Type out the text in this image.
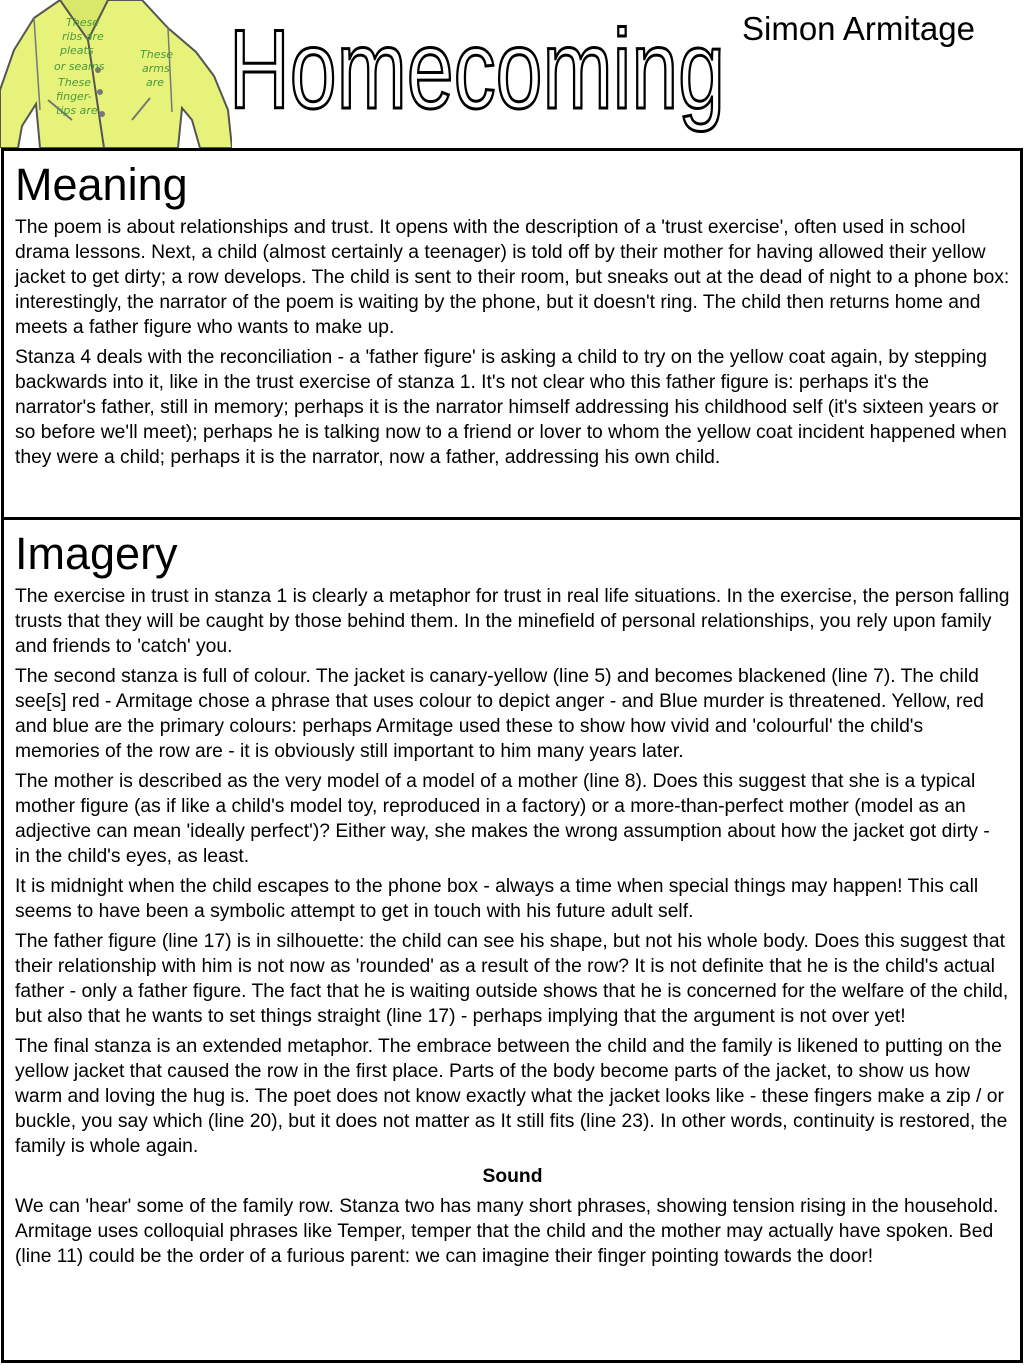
These
ribs are
pleats
or seams
These
finger-
tips are
These
arms
are Homecoming Simon Armitage
Meaning

The poem is about relationships and trust. It opens with the description of a 'trust exercise', often used in school drama lessons. Next, a child (almost certainly a teenager) is told off by their mother for having allowed their yellow jacket to get dirty; a row develops. The child is sent to their room, but sneaks out at the dead of night to a phone box: interestingly, the narrator of the poem is waiting by the phone, but it doesn't ring. The child then returns home and meets a father figure who wants to make up.

Stanza 4 deals with the reconciliation - a 'father figure' is asking a child to try on the yellow coat again, by stepping backwards into it, like in the trust exercise of stanza 1. It's not clear who this father figure is: perhaps it's the narrator's father, still in memory; perhaps it is the narrator himself addressing his childhood self (it's sixteen years or so before we'll meet); perhaps he is talking now to a friend or lover to whom the yellow coat incident happened when they were a child; perhaps it is the narrator, now a father, addressing his own child.

Imagery

The exercise in trust in stanza 1 is clearly a metaphor for trust in real life situations. In the exercise, the person falling trusts that they will be caught by those behind them. In the minefield of personal relationships, you rely upon family and friends to 'catch' you.

The second stanza is full of colour. The jacket is canary-yellow (line 5) and becomes blackened (line 7). The child see[s] red - Armitage chose a phrase that uses colour to depict anger - and Blue murder is threatened. Yellow, red and blue are the primary colours: perhaps Armitage used these to show how vivid and 'colourful' the child's memories of the row are - it is obviously still important to him many years later.

The mother is described as the very model of a model of a mother (line 8). Does this suggest that she is a typical mother figure (as if like a child's model toy, reproduced in a factory) or a more-than-perfect mother (model as an adjective can mean 'ideally perfect')? Either way, she makes the wrong assumption about how the jacket got dirty - in the child's eyes, as least.

It is midnight when the child escapes to the phone box - always a time when special things may happen! This call seems to have been a symbolic attempt to get in touch with his future adult self.

The father figure (line 17) is in silhouette: the child can see his shape, but not his whole body. Does this suggest that their relationship with him is not now as 'rounded' as a result of the row? It is not definite that he is the child's actual father - only a father figure. The fact that he is waiting outside shows that he is concerned for the welfare of the child, but also that he wants to set things straight (line 17) - perhaps implying that the argument is not over yet!

The final stanza is an extended metaphor. The embrace between the child and the family is likened to putting on the yellow jacket that caused the row in the first place. Parts of the body become parts of the jacket, to show us how warm and loving the hug is. The poet does not know exactly what the jacket looks like - these fingers make a zip / or buckle, you say which (line 20), but it does not matter as It still fits (line 23). In other words, continuity is restored, the family is whole again.

Sound

We can 'hear' some of the family row. Stanza two has many short phrases, showing tension rising in the household. Armitage uses colloquial phrases like Temper, temper that the child and the mother may actually have spoken. Bed (line 11) could be the order of a furious parent: we can imagine their finger pointing towards the door!
